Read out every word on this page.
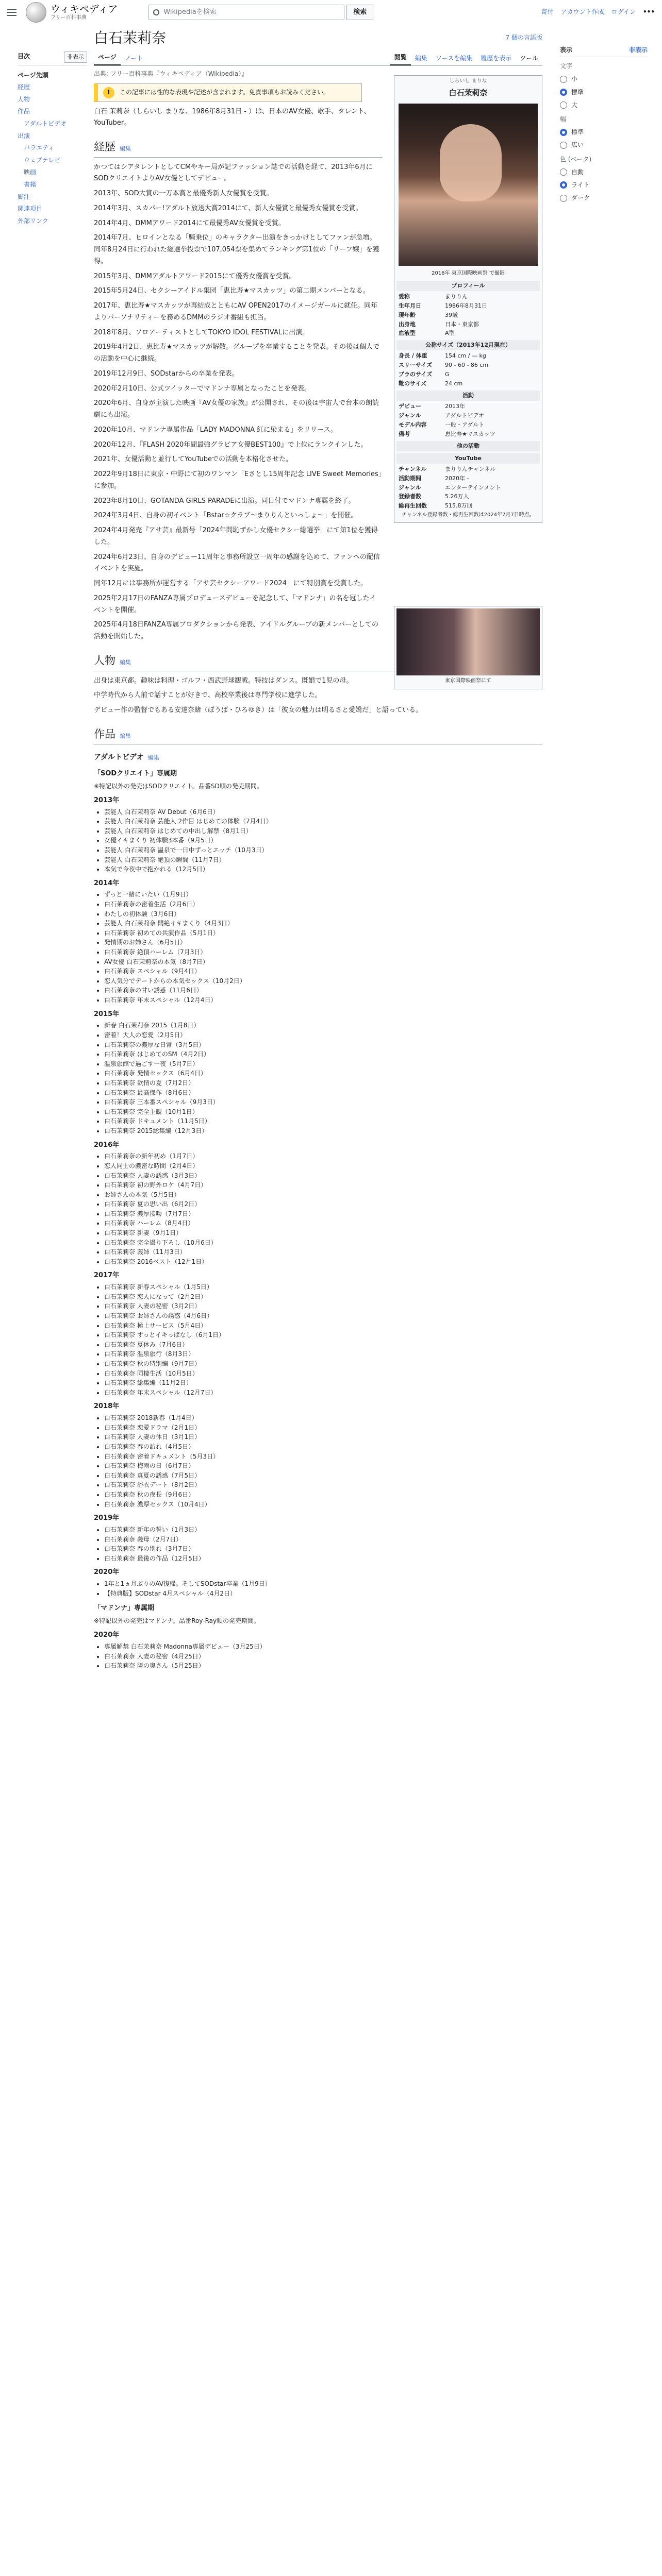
ウィキペディア
フリー百科事典
Wikipediaを検索	検索	寄付 アカウント作成 ログイン •••
目次	非表示
ページ先頭
経歴
人物
作品
アダルトビデオ
出演
バラエティ
ウェブテレビ
映画
書籍
脚注
関連項目
外部リンク
表示	非表示
文字
小
標準
大
幅
標準
広い
色 (ベータ)
自動
ライト
ダーク
白石茉莉奈	7 個の言語版
ページ	ノート	閲覧	編集	ソースを編集	履歴を表示	ツール
出典: フリー百科事典『ウィキペディア（Wikipedia）』
しらいし まりな
白石茉莉奈
2016年 東京国際映画祭 で撮影
プロフィール
愛称	まりりん
生年月日	1986年8月31日
現年齢	39歳
出身地	日本・東京都
血液型	A型
公称サイズ（2013年12月現在）
身長 / 体重	154 cm / ― kg
スリーサイズ	90 - 60 - 86 cm
ブラのサイズ	G
靴のサイズ	24 cm
活動
デビュー	2013年
ジャンル	アダルトビデオ
モデル内容	一般・アダルト
備考	恵比寿★マスカッツ
他の活動
YouTube
チャンネル	まりりんチャンネル
活動期間	2020年 -
ジャンル	エンターテインメント
登録者数	5.26万人
総再生回数	515.8万回
チャンネル登録者数・総再生回数は2024年7月7日時点。
東京国際映画祭にて
!	この記事には性的な表現や記述が含まれます。免責事項もお読みください。

白石 茉莉奈（しらいし まりな、1986年8月31日 - ）は、日本のAV女優、歌手、タレント、YouTuber。

経歴 編集

かつてはシアタレントとしてCMやキー局が記ファッション誌での活動を経て、2013年6月にSODクリエイトよりAV女優としてデビュー。

2013年、SOD大賞の一万本賞と最優秀新人女優賞を受賞。

2014年3月、スカパー!アダルト放送大賞2014にて、新人女優賞と最優秀女優賞を受賞。

2014年4月、DMMアワード2014にて最優秀AV女優賞を受賞。

2014年7月、ヒロインとなる「騎乗位」のキャラクター出演をきっかけとしてファンが急増。同年8月24日に行われた総選挙投票で107,054票を集めてランキング第1位の「リーフ嬢」を獲得。

2015年3月、DMMアダルトアワード2015にて優秀女優賞を受賞。

2015年5月24日、セクシーアイドル集団「恵比寿★マスカッツ」の第二期メンバーとなる。

2017年、恵比寿★マスカッツが再結成とともにAV OPEN2017のイメージガールに就任。同年よりパーソナリティーを務めるDMMのラジオ番組も担当。

2018年8月、ソロアーティストとしてTOKYO IDOL FESTIVALに出演。

2019年4月2日、恵比寿★マスカッツが解散。グループを卒業することを発表。その後は個人での活動を中心に継続。

2019年12月9日、SODstarからの卒業を発表。

2020年2月10日、公式ツイッターでマドンナ専属となったことを発表。

2020年6月、自身が主演した映画『AV女優の家族』が公開され、その後は宇宙人で台本の朗読劇にも出演。

2020年10月、マドンナ専属作品「LADY MADONNA 紅に染まる」をリリース。

2020年12月、『FLASH 2020年間最強グラビア女優BEST100』で上位にランクインした。

2021年、女優活動と並行してYouTubeでの活動を本格化させた。

2022年9月18日に東京・中野にて初のワンマン「Eさとし15周年記念 LIVE Sweet Memories」に参加。

2023年8月10日、GOTANDA GIRLS PARADEに出演。同日付でマドンナ専属を終了。

2024年3月4日、自身の初イベント「Bstar☆クラブ～まりりんといっしょ～」を開催。

2024年4月発売『アサ芸』最新号「2024年間恥ずかし女優セクシー総選挙」にて第1位を獲得した。

2024年6月23日、自身のデビュー11周年と事務所設立一周年の感謝を込めて、ファンへの配信イベントを実施。

同年12月には事務所が運営する「アサ芸セクシーアワード2024」にて特別賞を受賞した。

2025年2月17日のFANZA専属プロデュースデビューを記念して、「マドンナ」の名を冠したイベントを開催。

2025年4月18日FANZA専属プロダクションから発表、アイドルグループの新メンバーとしての活動を開始した。

人物 編集

出身は東京都。趣味は料理・ゴルフ・西武野球観戦。特技はダンス。既婚で1児の母。

中学時代から人前で話すことが好きで、高校卒業後は専門学校に進学した。

デビュー作の監督でもある安達奈緒（ぼうば・ひろゆき）は「彼女の魅力は明るさと愛嬌だ」と語っている。

作品 編集
アダルトビデオ 編集
「SODクリエイト」専属期
※特記以外の発売はSODクリエイト。品番SD順の発売期間。
2013年
• 芸能人 白石茉莉奈 AV Debut（6月6日）
• 芸能人 白石茉莉奈 芸能人 2作目 はじめての体験（7月4日）
• 芸能人 白石茉莉奈 はじめての中出し解禁（8月1日）
• 女優イキまくり 初体験3本番（9月5日）
• 芸能人 白石茉莉奈 温泉で一日中ずっとエッチ（10月3日）
• 芸能人 白石茉莉奈 絶頂の瞬間（11月7日）
• 本気で今夜中で抱かれる（12月5日）
2014年
• ずっと一緒にいたい（1月9日）
• 白石茉莉奈の密着生活（2月6日）
• わたしの初体験（3月6日）
• 芸能人 白石茉莉奈 悶絶イキまくり（4月3日）
• 白石茉莉奈 初めての共演作品（5月1日）
• 発情期のお姉さん（6月5日）
• 白石茉莉奈 絶頂ハーレム（7月3日）
• AV女優 白石茉莉奈の本気（8月7日）
• 白石茉莉奈 スペシャル（9月4日）
• 恋人気分でデートからの本気セックス（10月2日）
• 白石茉莉奈の甘い誘惑（11月6日）
• 白石茉莉奈 年末スペシャル（12月4日）
2015年
• 新春 白石茉莉奈 2015（1月8日）
• 密着！大人の恋愛（2月5日）
• 白石茉莉奈の濃厚な日常（3月5日）
• 白石茉莉奈 はじめてのSM（4月2日）
• 温泉旅館で過ごす一夜（5月7日）
• 白石茉莉奈 発情セックス（6月4日）
• 白石茉莉奈 欲情の夏（7月2日）
• 白石茉莉奈 最高傑作（8月6日）
• 白石茉莉奈 三本番スペシャル（9月3日）
• 白石茉莉奈 完全主観（10月1日）
• 白石茉莉奈 ドキュメント（11月5日）
• 白石茉莉奈 2015総集編（12月3日）
2016年
• 白石茉莉奈の新年初め（1月7日）
• 恋人同士の濃密な時間（2月4日）
• 白石茉莉奈 人妻の誘惑（3月3日）
• 白石茉莉奈 初の野外ロケ（4月7日）
• お姉さんの本気（5月5日）
• 白石茉莉奈 夏の思い出（6月2日）
• 白石茉莉奈 濃厚接吻（7月7日）
• 白石茉莉奈 ハーレム（8月4日）
• 白石茉莉奈 新妻（9月1日）
• 白石茉莉奈 完全撮り下ろし（10月6日）
• 白石茉莉奈 義姉（11月3日）
• 白石茉莉奈 2016ベスト（12月1日）
2017年
• 白石茉莉奈 新春スペシャル（1月5日）
• 白石茉莉奈 恋人になって（2月2日）
• 白石茉莉奈 人妻の秘密（3月2日）
• 白石茉莉奈 お姉さんの誘惑（4月6日）
• 白石茉莉奈 極上サービス（5月4日）
• 白石茉莉奈 ずっとイキっぱなし（6月1日）
• 白石茉莉奈 夏休み（7月6日）
• 白石茉莉奈 温泉旅行（8月3日）
• 白石茉莉奈 秋の特別編（9月7日）
• 白石茉莉奈 同棲生活（10月5日）
• 白石茉莉奈 総集編（11月2日）
• 白石茉莉奈 年末スペシャル（12月7日）
2018年
• 白石茉莉奈 2018新春（1月4日）
• 白石茉莉奈 恋愛ドラマ（2月1日）
• 白石茉莉奈 人妻の休日（3月1日）
• 白石茉莉奈 春の訪れ（4月5日）
• 白石茉莉奈 密着ドキュメント（5月3日）
• 白石茉莉奈 梅雨の日（6月7日）
• 白石茉莉奈 真夏の誘惑（7月5日）
• 白石茉莉奈 浴衣デート（8月2日）
• 白石茉莉奈 秋の夜長（9月6日）
• 白石茉莉奈 濃厚セックス（10月4日）
2019年
• 白石茉莉奈 新年の誓い（1月3日）
• 白石茉莉奈 義母（2月7日）
• 白石茉莉奈 春の別れ（3月7日）
• 白石茉莉奈 最後の作品（12月5日）
2020年
• 1年と1ヵ月ぶりのAV復帰。そしてSODstar卒業（1月9日）
• 【特典版】SODstar 4月スペシャル（4月2日）
「マドンナ」専属期
※特記以外の発売はマドンナ。品番Roy-Ray順の発売期間。
2020年
• 専属解禁 白石茉莉奈 Madonna専属デビュー（3月25日）
• 白石茉莉奈 人妻の秘密（4月25日）
• 白石茉莉奈 隣の奥さん（5月25日）
